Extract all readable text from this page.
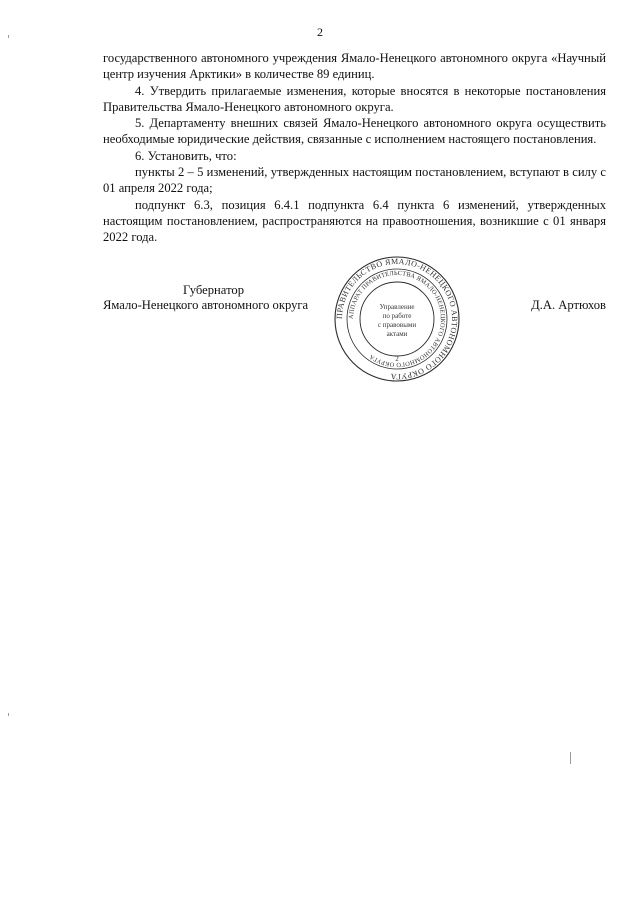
2

государственного автономного учреждения Ямало-Ненецкого автономного округа «Научный центр изучения Арктики» в количестве 89 единиц.

4. Утвердить прилагаемые изменения, которые вносятся в некоторые постановления Правительства Ямало-Ненецкого автономного округа.

5. Департаменту внешних связей Ямало-Ненецкого автономного округа осуществить необходимые юридические действия, связанные с исполнением настоящего постановления.

6. Установить, что:

пункты 2 – 5 изменений, утвержденных настоящим постановлением, вступают в силу с 01 апреля 2022 года;

подпункт 6.3, позиция 6.4.1 подпункта 6.4 пункта 6 изменений, утвержденных настоящим постановлением, распространяются на правоотношения, возникшие с 01 января 2022 года.

Губернатор
Ямало-Ненецкого автономного округа	Д.А. Артюхов
ПРАВИТЕЛЬСТВО ЯМАЛО-НЕНЕЦКОГО АВТОНОМНОГО ОКРУГА
АППАРАТ ПРАВИТЕЛЬСТВА ЯМАЛО-НЕНЕЦКОГО АВТОНОМНОГО ОКРУГА
Управление
по работе
с правовыми
актами
2
